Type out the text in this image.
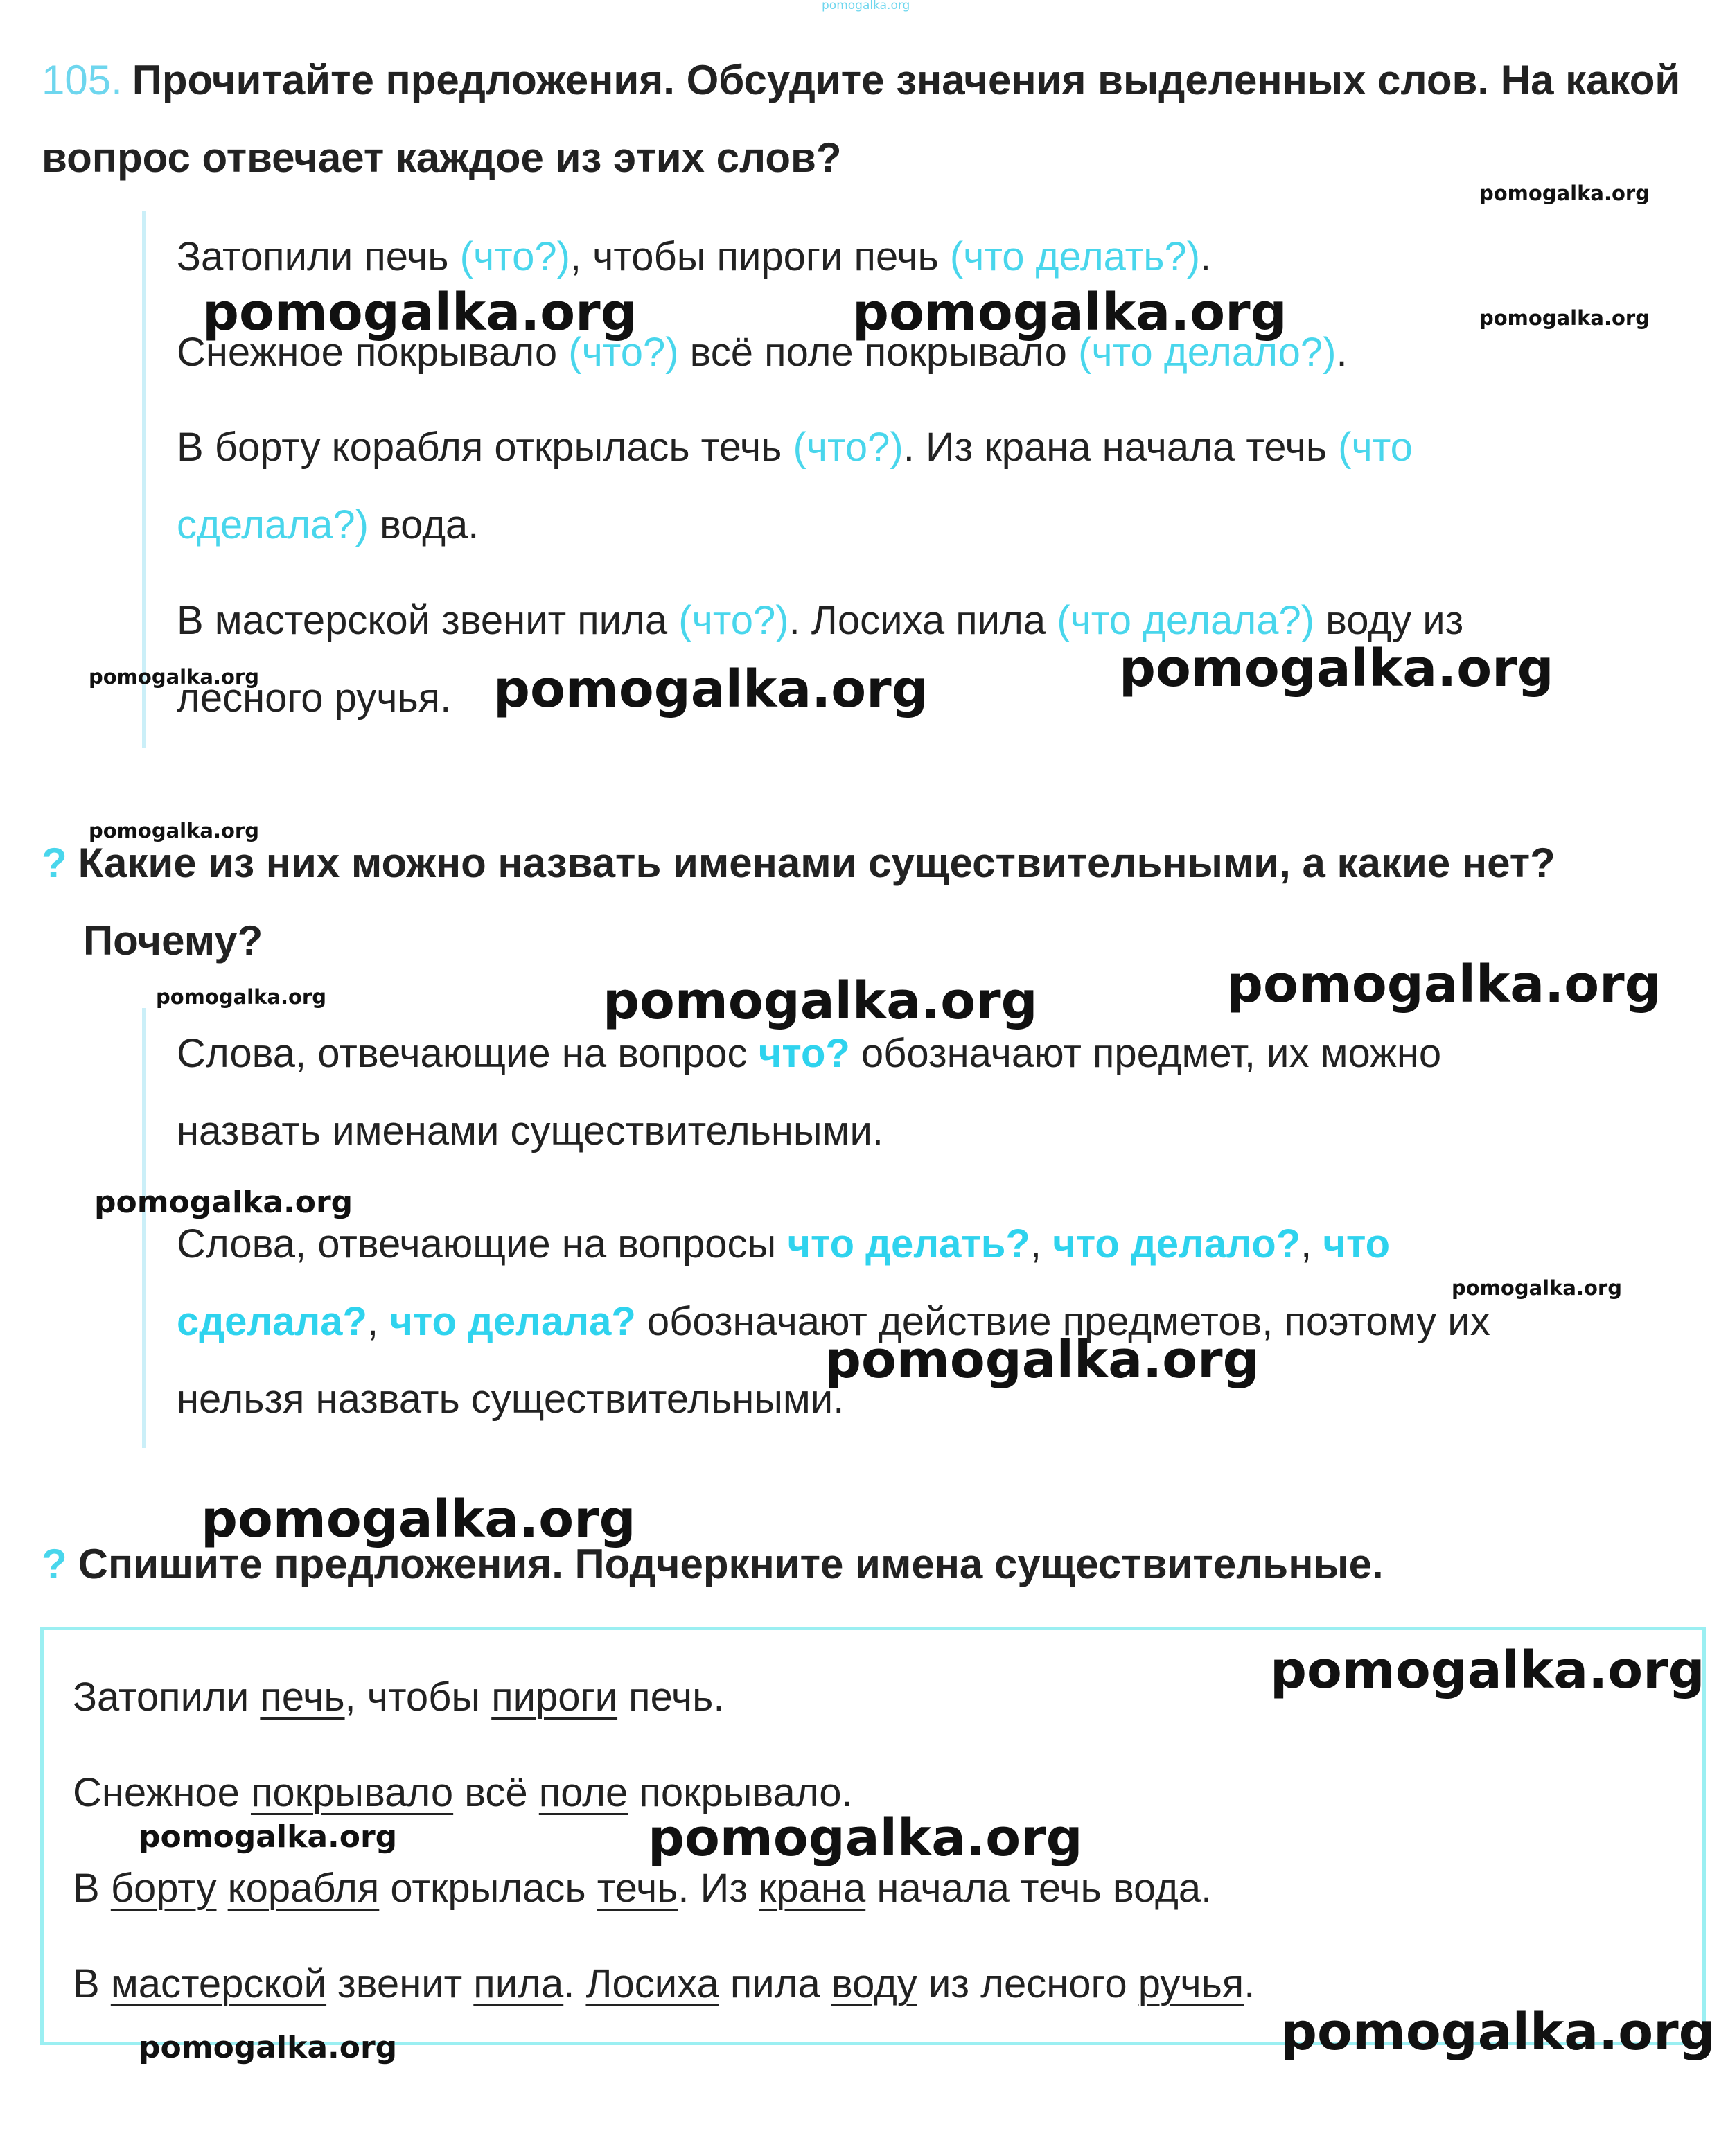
pomogalka.org
105. Прочитайте предложения. Обсудите значения выделенных слов. На какой вопрос отвечает каждое из этих слов?
Затопили печь (что?), чтобы пироги печь (что делать?).
Снежное покрывало (что?) всё поле покрывало (что делало?).
В борту корабля открылась течь (что?). Из крана начала течь (что
сделала?) вода.
В мастерской звенит пила (что?). Лосиха пила (что делала?) воду из
лесного ручья.
? Какие из них можно назвать именами существительными, а какие нет?
Почему?
Слова, отвечающие на вопрос что? обозначают предмет, их можно
назвать именами существительными.
Слова, отвечающие на вопросы что делать?, что делало?, что
сделала?, что делала? обозначают действие предметов, поэтому их
нельзя назвать существительными.
? Спишите предложения. Подчеркните имена существительные.
Затопили печь, чтобы пироги печь.
Снежное покрывало всё поле покрывало.
В борту корабля открылась течь. Из крана начала течь вода.
В мастерской звенит пила. Лосиха пила воду из лесного ручья.
pomogalka.org
pomogalka.org
pomogalka.org
pomogalka.org
pomogalka.org
pomogalka.org
pomogalka.org
pomogalka.org
pomogalka.org
pomogalka.org	pomogalka.org
pomogalka.org	pomogalka.org
pomogalka.org	pomogalka.org
pomogalka.org
pomogalka.org
pomogalka.org
pomogalka.org
pomogalka.org
